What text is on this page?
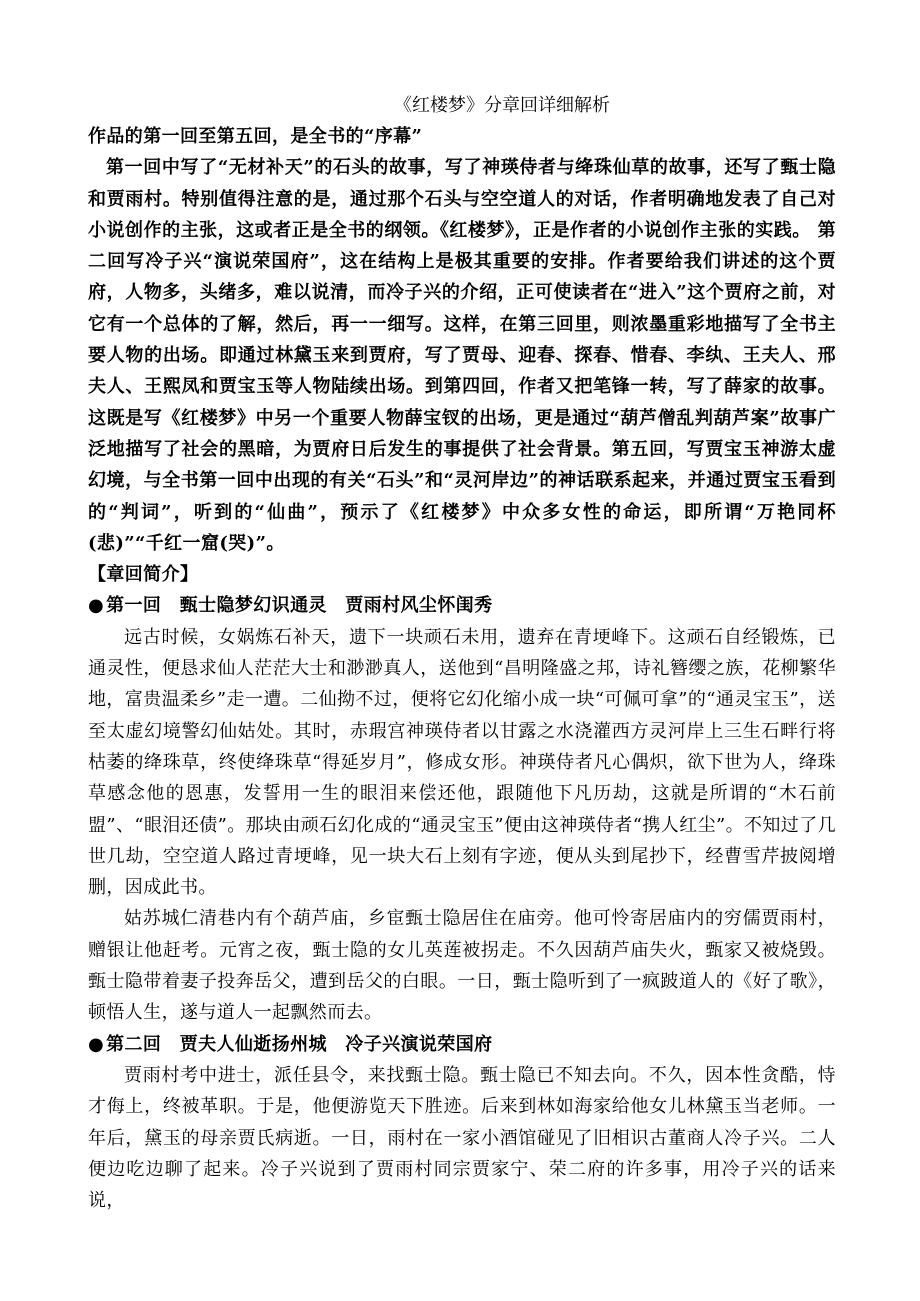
《红楼梦》分章回详细解析

作品的第一回至第五回，是全书的“序幕”

第一回中写了“无材补天”的石头的故事，写了神瑛侍者与绛珠仙草的故事，还写了甄士隐和贾雨村。特别值得注意的是，通过那个石头与空空道人的对话，作者明确地发表了自己对小说创作的主张，这或者正是全书的纲领。《红楼梦》，正是作者的小说创作主张的实践。 第二回写冷子兴“演说荣国府”，这在结构上是极其重要的安排。作者要给我们讲述的这个贾府，人物多，头绪多，难以说清，而冷子兴的介绍，正可使读者在“进入”这个贾府之前，对它有一个总体的了解，然后，再一一细写。这样，在第三回里，则浓墨重彩地描写了全书主要人物的出场。即通过林黛玉来到贾府，写了贾母、迎春、探春、惜春、李纨、王夫人、邢夫人、王熙凤和贾宝玉等人物陆续出场。到第四回，作者又把笔锋一转，写了薛家的故事。这既是写《红楼梦》中另一个重要人物薛宝钗的出场，更是通过“葫芦僧乱判葫芦案”故事广泛地描写了社会的黑暗，为贾府日后发生的事提供了社会背景。第五回，写贾宝玉神游太虚幻境，与全书第一回中出现的有关“石头”和“灵河岸边”的神话联系起来，并通过贾宝玉看到的“判词”，听到的“仙曲”，预示了《红楼梦》中众多女性的命运，即所谓“万艳同杯(悲)”“千红一窟(哭)”。

【章回简介】

● 第一回　甄士隐梦幻识通灵　贾雨村风尘怀闺秀

远古时候，女娲炼石补天，遗下一块顽石未用，遗弃在青埂峰下。这顽石自经锻炼，已通灵性，便恳求仙人茫茫大士和渺渺真人，送他到“昌明隆盛之邦，诗礼簪缨之族，花柳繁华地，富贵温柔乡”走一遭。二仙拗不过，便将它幻化缩小成一块“可佩可拿”的“通灵宝玉”，送至太虚幻境警幻仙姑处。其时，赤瑕宫神瑛侍者以甘露之水浇灌西方灵河岸上三生石畔行将枯萎的绛珠草，终使绛珠草“得延岁月”，修成女形。神瑛侍者凡心偶炽，欲下世为人，绛珠草感念他的恩惠，发誓用一生的眼泪来偿还他，跟随他下凡历劫，这就是所谓的“木石前盟”、“眼泪还债”。那块由顽石幻化成的“通灵宝玉”便由这神瑛侍者“携人红尘”。不知过了几世几劫，空空道人路过青埂峰，见一块大石上刻有字迹，便从头到尾抄下，经曹雪芹披阅增删，因成此书。

姑苏城仁清巷内有个葫芦庙，乡宦甄士隐居住在庙旁。他可怜寄居庙内的穷儒贾雨村，赠银让他赶考。元宵之夜，甄士隐的女儿英莲被拐走。不久因葫芦庙失火，甄家又被烧毁。甄士隐带着妻子投奔岳父，遭到岳父的白眼。一日，甄士隐听到了一疯跛道人的《好了歌》，顿悟人生，遂与道人一起飘然而去。

● 第二回　贾夫人仙逝扬州城　冷子兴演说荣国府

贾雨村考中进士，派任县令，来找甄士隐。甄士隐已不知去向。不久，因本性贪酷，恃才侮上，终被革职。于是，他便游览天下胜迹。后来到林如海家给他女儿林黛玉当老师。一年后，黛玉的母亲贾氏病逝。一日，雨村在一家小酒馆碰见了旧相识古董商人冷子兴。二人便边吃边聊了起来。冷子兴说到了贾雨村同宗贾家宁、荣二府的许多事，用冷子兴的话来说，
